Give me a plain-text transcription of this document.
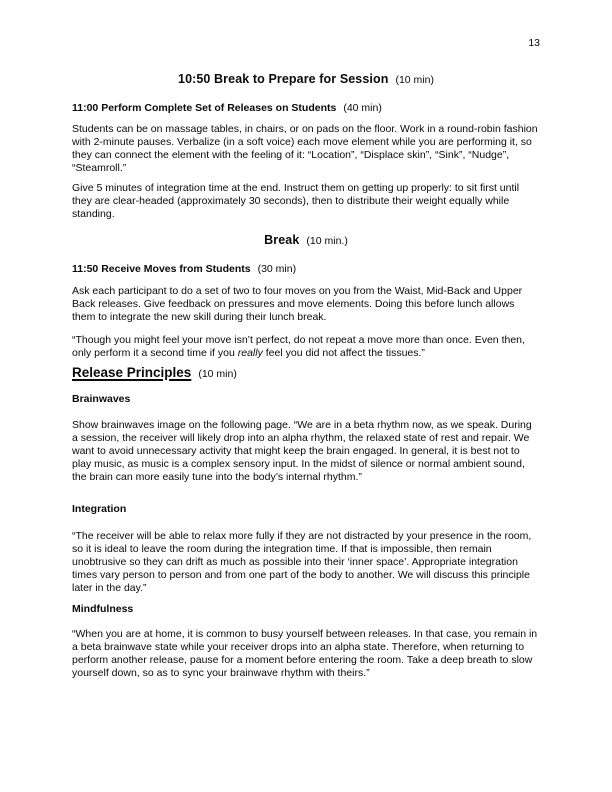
13
10:50 Break to Prepare for Session (10 min)
11:00 Perform Complete Set of Releases on Students (40 min)
Students can be on massage tables, in chairs, or on pads on the floor. Work in a round-robin fashion with 2-minute pauses. Verbalize (in a soft voice) each move element while you are performing it, so they can connect the element with the feeling of it: “Location”, “Displace skin”, “Sink”, “Nudge”, “Steamroll.”
Give 5 minutes of integration time at the end. Instruct them on getting up properly: to sit first until they are clear-headed (approximately 30 seconds), then to distribute their weight equally while standing.
Break (10 min.)
11:50 Receive Moves from Students (30 min)
Ask each participant to do a set of two to four moves on you from the Waist, Mid-Back and Upper Back releases. Give feedback on pressures and move elements. Doing this before lunch allows them to integrate the new skill during their lunch break.
“Though you might feel your move isn’t perfect, do not repeat a move more than once. Even then, only perform it a second time if you really feel you did not affect the tissues.”
Release Principles (10 min)
Brainwaves
Show brainwaves image on the following page. “We are in a beta rhythm now, as we speak. During a session, the receiver will likely drop into an alpha rhythm, the relaxed state of rest and repair. We want to avoid unnecessary activity that might keep the brain engaged. In general, it is best not to play music, as music is a complex sensory input. In the midst of silence or normal ambient sound, the brain can more easily tune into the body’s internal rhythm.”
Integration
“The receiver will be able to relax more fully if they are not distracted by your presence in the room, so it is ideal to leave the room during the integration time. If that is impossible, then remain unobtrusive so they can drift as much as possible into their ‘inner space’. Appropriate integration times vary person to person and from one part of the body to another. We will discuss this principle later in the day.”
Mindfulness
“When you are at home, it is common to busy yourself between releases. In that case, you remain in a beta brainwave state while your receiver drops into an alpha state. Therefore, when returning to perform another release, pause for a moment before entering the room. Take a deep breath to slow yourself down, so as to sync your brainwave rhythm with theirs.”
